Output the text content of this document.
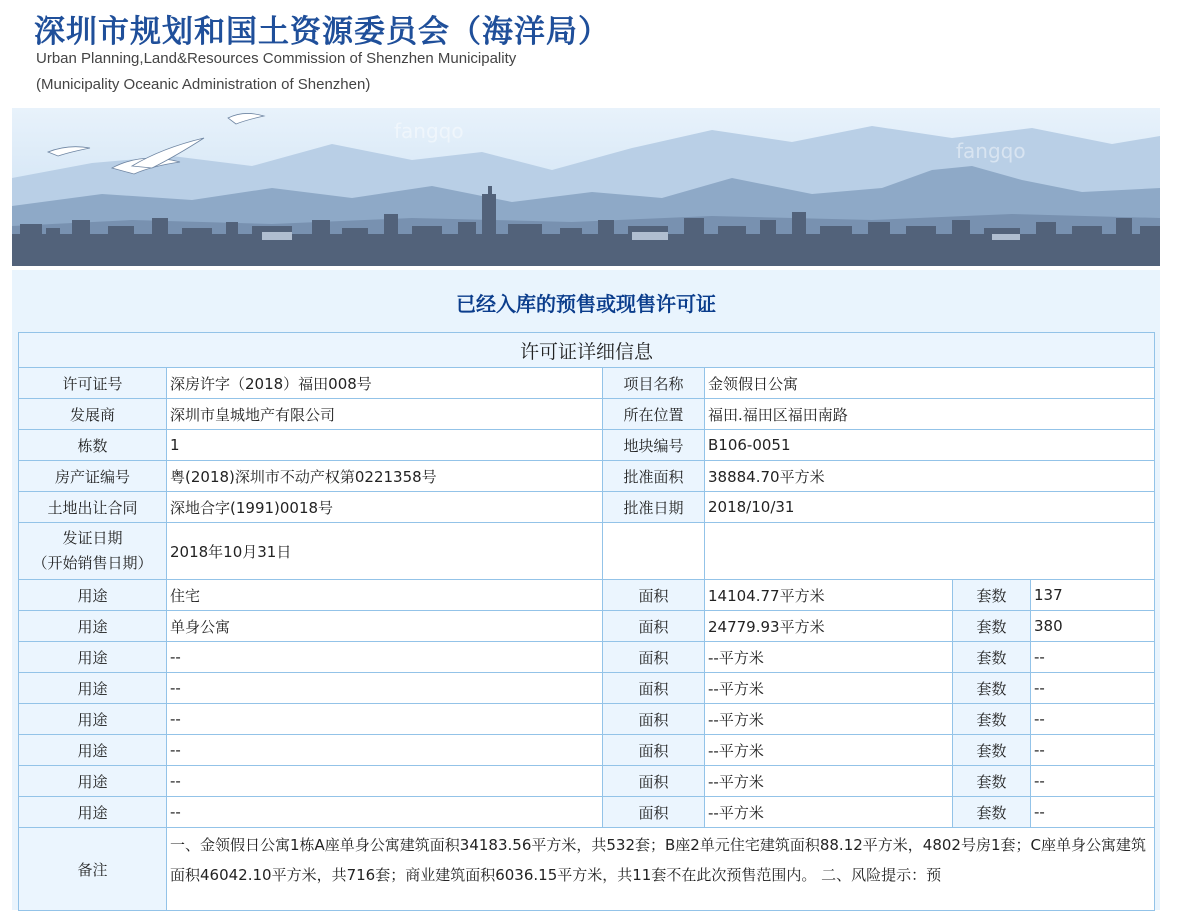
深圳市规划和国土资源委员会（海洋局）
Urban Planning,Land&Resources Commission of Shenzhen Municipality
(Municipality Oceanic Administration of Shenzhen)
fangqo
fangqo
已经入库的预售或现售许可证
许可证详细信息					
许可证号	深房许字（2018）福田008号	项目名称	金领假日公寓		
发展商	深圳市皇城地产有限公司	所在位置	福田.福田区福田南路		
栋数	1	地块编号	B106-0051		
房产证编号	粤(2018)深圳市不动产权第0221358号	批准面积	38884.70平方米		
土地出让合同	深地合字(1991)0018号	批准日期	2018/10/31		

发证日期
（开始销售日期）	2018年10月31日				
用途	住宅	面积	14104.77平方米	套数	137
用途	单身公寓	面积	24779.93平方米	套数	380
用途	--	面积	--平方米	套数	--
用途	--	面积	--平方米	套数	--
用途	--	面积	--平方米	套数	--
用途	--	面积	--平方米	套数	--
用途	--	面积	--平方米	套数	--
用途	--	面积	--平方米	套数	--
备注	一、金领假日公寓1栋A座单身公寓建筑面积34183.56平方米，共532套；B座2单元住宅建筑面积88.12平方米，4802号房1套；C座单身公寓建筑面积46042.10平方米，共716套；商业建筑面积6036.15平方米，共11套不在此次预售范围内。 二、风险提示：预				
